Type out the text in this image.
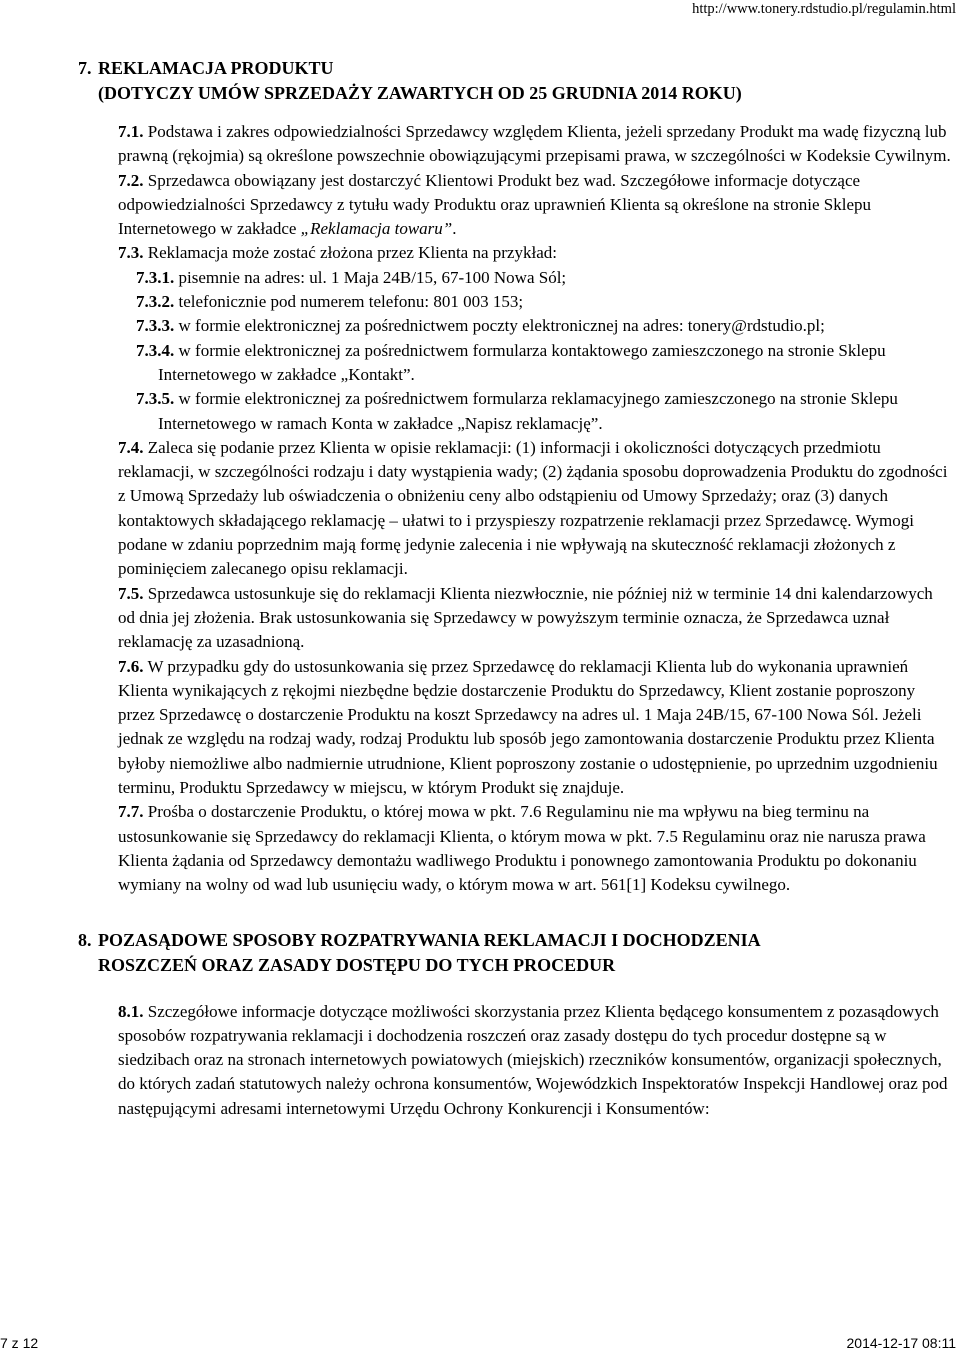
http://www.tonery.rdstudio.pl/regulamin.html
7. REKLAMACJA PRODUKTU
(DOTYCZY UMÓW SPRZEDAŻY ZAWARTYCH OD 25 GRUDNIA 2014 ROKU)

7.1. Podstawa i zakres odpowiedzialności Sprzedawcy względem Klienta, jeżeli sprzedany Produkt ma wadę fizyczną lub prawną (rękojmia) są określone powszechnie obowiązującymi przepisami prawa, w szczególności w Kodeksie Cywilnym.

7.2. Sprzedawca obowiązany jest dostarczyć Klientowi Produkt bez wad. Szczegółowe informacje dotyczące odpowiedzialności Sprzedawcy z tytułu wady Produktu oraz uprawnień Klienta są określone na stronie Sklepu Internetowego w zakładce „Reklamacja towaru”.

7.3. Reklamacja może zostać złożona przez Klienta na przykład:

7.3.1. pisemnie na adres: ul. 1 Maja 24B/15, 67-100 Nowa Sól;

7.3.2. telefonicznie pod numerem telefonu: 801 003 153;

7.3.3. w formie elektronicznej za pośrednictwem poczty elektronicznej na adres: tonery@rdstudio.pl;

7.3.4. w formie elektronicznej za pośrednictwem formularza kontaktowego zamieszczonego na stronie Sklepu Internetowego w zakładce „Kontakt”.

7.3.5. w formie elektronicznej za pośrednictwem formularza reklamacyjnego zamieszczonego na stronie Sklepu Internetowego w ramach Konta w zakładce „Napisz reklamację”.

7.4. Zaleca się podanie przez Klienta w opisie reklamacji: (1) informacji i okoliczności dotyczących przedmiotu reklamacji, w szczególności rodzaju i daty wystąpienia wady; (2) żądania sposobu doprowadzenia Produktu do zgodności z Umową Sprzedaży lub oświadczenia o obniżeniu ceny albo odstąpieniu od Umowy Sprzedaży; oraz (3) danych kontaktowych składającego reklamację – ułatwi to i przyspieszy rozpatrzenie reklamacji przez Sprzedawcę. Wymogi podane w zdaniu poprzednim mają formę jedynie zalecenia i nie wpływają na skuteczność reklamacji złożonych z pominięciem zalecanego opisu reklamacji.

7.5. Sprzedawca ustosunkuje się do reklamacji Klienta niezwłocznie, nie później niż w terminie 14 dni kalendarzowych od dnia jej złożenia. Brak ustosunkowania się Sprzedawcy w powyższym terminie oznacza, że Sprzedawca uznał reklamację za uzasadnioną.

7.6. W przypadku gdy do ustosunkowania się przez Sprzedawcę do reklamacji Klienta lub do wykonania uprawnień Klienta wynikających z rękojmi niezbędne będzie dostarczenie Produktu do Sprzedawcy, Klient zostanie poproszony przez Sprzedawcę o dostarczenie Produktu na koszt Sprzedawcy na adres ul. 1 Maja 24B/15, 67-100 Nowa Sól. Jeżeli jednak ze względu na rodzaj wady, rodzaj Produktu lub sposób jego zamontowania dostarczenie Produktu przez Klienta byłoby niemożliwe albo nadmiernie utrudnione, Klient poproszony zostanie o udostępnienie, po uprzednim uzgodnieniu terminu, Produktu Sprzedawcy w miejscu, w którym Produkt się znajduje.

7.7. Prośba o dostarczenie Produktu, o której mowa w pkt. 7.6 Regulaminu nie ma wpływu na bieg terminu na ustosunkowanie się Sprzedawcy do reklamacji Klienta, o którym mowa w pkt. 7.5 Regulaminu oraz nie narusza prawa Klienta żądania od Sprzedawcy demontażu wadliwego Produktu i ponownego zamontowania Produktu po dokonaniu wymiany na wolny od wad lub usunięciu wady, o którym mowa w art. 561[1] Kodeksu cywilnego.

8. POZASĄDOWE SPOSOBY ROZPATRYWANIA REKLAMACJI I DOCHODZENIA
ROSZCZEŃ ORAZ ZASADY DOSTĘPU DO TYCH PROCEDUR

8.1. Szczegółowe informacje dotyczące możliwości skorzystania przez Klienta będącego konsumentem z pozasądowych sposobów rozpatrywania reklamacji i dochodzenia roszczeń oraz zasady dostępu do tych procedur dostępne są w siedzibach oraz na stronach internetowych powiatowych (miejskich) rzeczników konsumentów, organizacji społecznych, do których zadań statutowych należy ochrona konsumentów, Wojewódzkich Inspektoratów Inspekcji Handlowej oraz pod następującymi adresami internetowymi Urzędu Ochrony Konkurencji i Konsumentów:

7 z 12	2014-12-17 08:11
